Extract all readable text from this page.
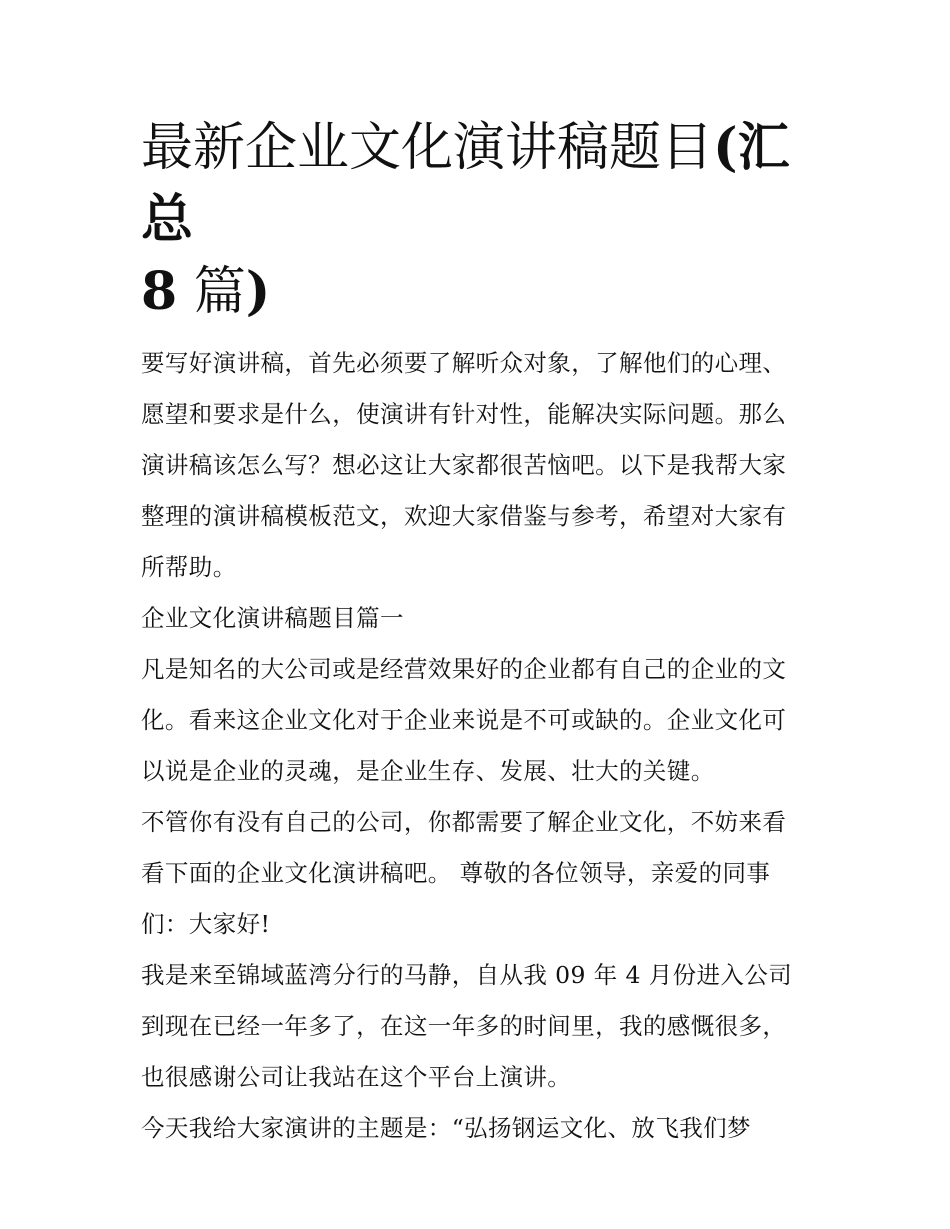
最新企业文化演讲稿题目(汇总
8 篇)
要写好演讲稿，首先必须要了解听众对象，了解他们的心理、
愿望和要求是什么，使演讲有针对性，能解决实际问题。那么
演讲稿该怎么写？想必这让大家都很苦恼吧。以下是我帮大家
整理的演讲稿模板范文，欢迎大家借鉴与参考，希望对大家有
所帮助。
企业文化演讲稿题目篇一
凡是知名的大公司或是经营效果好的企业都有自己的企业的文
化。看来这企业文化对于企业来说是不可或缺的。企业文化可
以说是企业的灵魂，是企业生存、发展、壮大的关键。
不管你有没有自己的公司，你都需要了解企业文化，不妨来看
看下面的企业文化演讲稿吧。 尊敬的各位领导，亲爱的同事
们：大家好!
我是来至锦域蓝湾分行的马静，自从我 09 年 4 月份进入公司
到现在已经一年多了，在这一年多的时间里，我的感慨很多，
也很感谢公司让我站在这个平台上演讲。
今天我给大家演讲的主题是：“弘扬钢运文化、放飞我们梦
